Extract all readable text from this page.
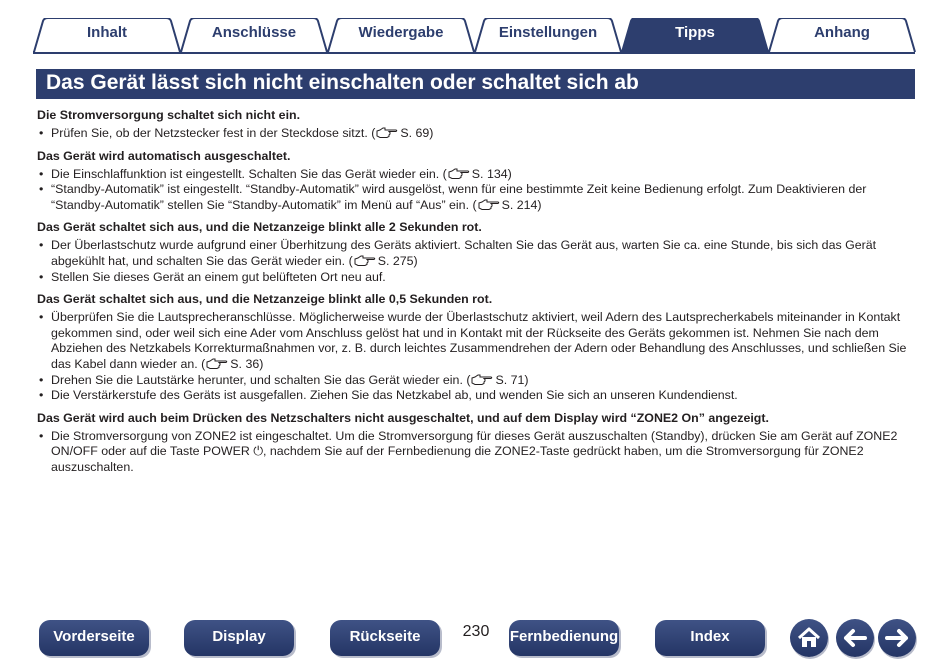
Inhalt	Anschlüsse	Wiedergabe	Einstellungen	Tipps	Anhang
Das Gerät lässt sich nicht einschalten oder schaltet sich ab
Die Stromversorgung schaltet sich nicht ein.
• Prüfen Sie, ob der Netzstecker fest in der Steckdose sitzt. ( S. 69)
Das Gerät wird automatisch ausgeschaltet.
• Die Einschlaffunktion ist eingestellt. Schalten Sie das Gerät wieder ein. ( S. 134)
• “Standby-Automatik” ist eingestellt. “Standby-Automatik” wird ausgelöst, wenn für eine bestimmte Zeit keine Bedienung erfolgt. Zum Deaktivieren der “Standby-Automatik” stellen Sie “Standby-Automatik” im Menü auf “Aus” ein. ( S. 214)
Das Gerät schaltet sich aus, und die Netzanzeige blinkt alle 2 Sekunden rot.
• Der Überlastschutz wurde aufgrund einer Überhitzung des Geräts aktiviert. Schalten Sie das Gerät aus, warten Sie ca. eine Stunde, bis sich das Gerät abgekühlt hat, und schalten Sie das Gerät wieder ein. ( S. 275)
• Stellen Sie dieses Gerät an einem gut belüfteten Ort neu auf.
Das Gerät schaltet sich aus, und die Netzanzeige blinkt alle 0,5 Sekunden rot.
• Überprüfen Sie die Lautsprecheranschlüsse. Möglicherweise wurde der Überlastschutz aktiviert, weil Adern des Lautsprecherkabels miteinander in Kontakt gekommen sind, oder weil sich eine Ader vom Anschluss gelöst hat und in Kontakt mit der Rückseite des Geräts gekommen ist. Nehmen Sie nach dem Abziehen des Netzkabels Korrekturmaßnahmen vor, z. B. durch leichtes Zusammendrehen der Adern oder Behandlung des Anschlusses, und schließen Sie das Kabel dann wieder an. ( S. 36)
• Drehen Sie die Lautstärke herunter, und schalten Sie das Gerät wieder ein. ( S. 71)
• Die Verstärkerstufe des Geräts ist ausgefallen. Ziehen Sie das Netzkabel ab, und wenden Sie sich an unseren Kundendienst.
Das Gerät wird auch beim Drücken des Netzschalters nicht ausgeschaltet, und auf dem Display wird “ZONE2 On” angezeigt.
• Die Stromversorgung von ZONE2 ist eingeschaltet. Um die Stromversorgung für dieses Gerät auszuschalten (Standby), drücken Sie am Gerät auf ZONE2 ON/OFF oder auf die Taste POWER ⏻, nachdem Sie auf der Fernbedienung die ZONE2-Taste gedrückt haben, um die Stromversorgung für ZONE2 auszuschalten.
Vorderseite	Display	Rückseite	230	Fernbedienung	Index
